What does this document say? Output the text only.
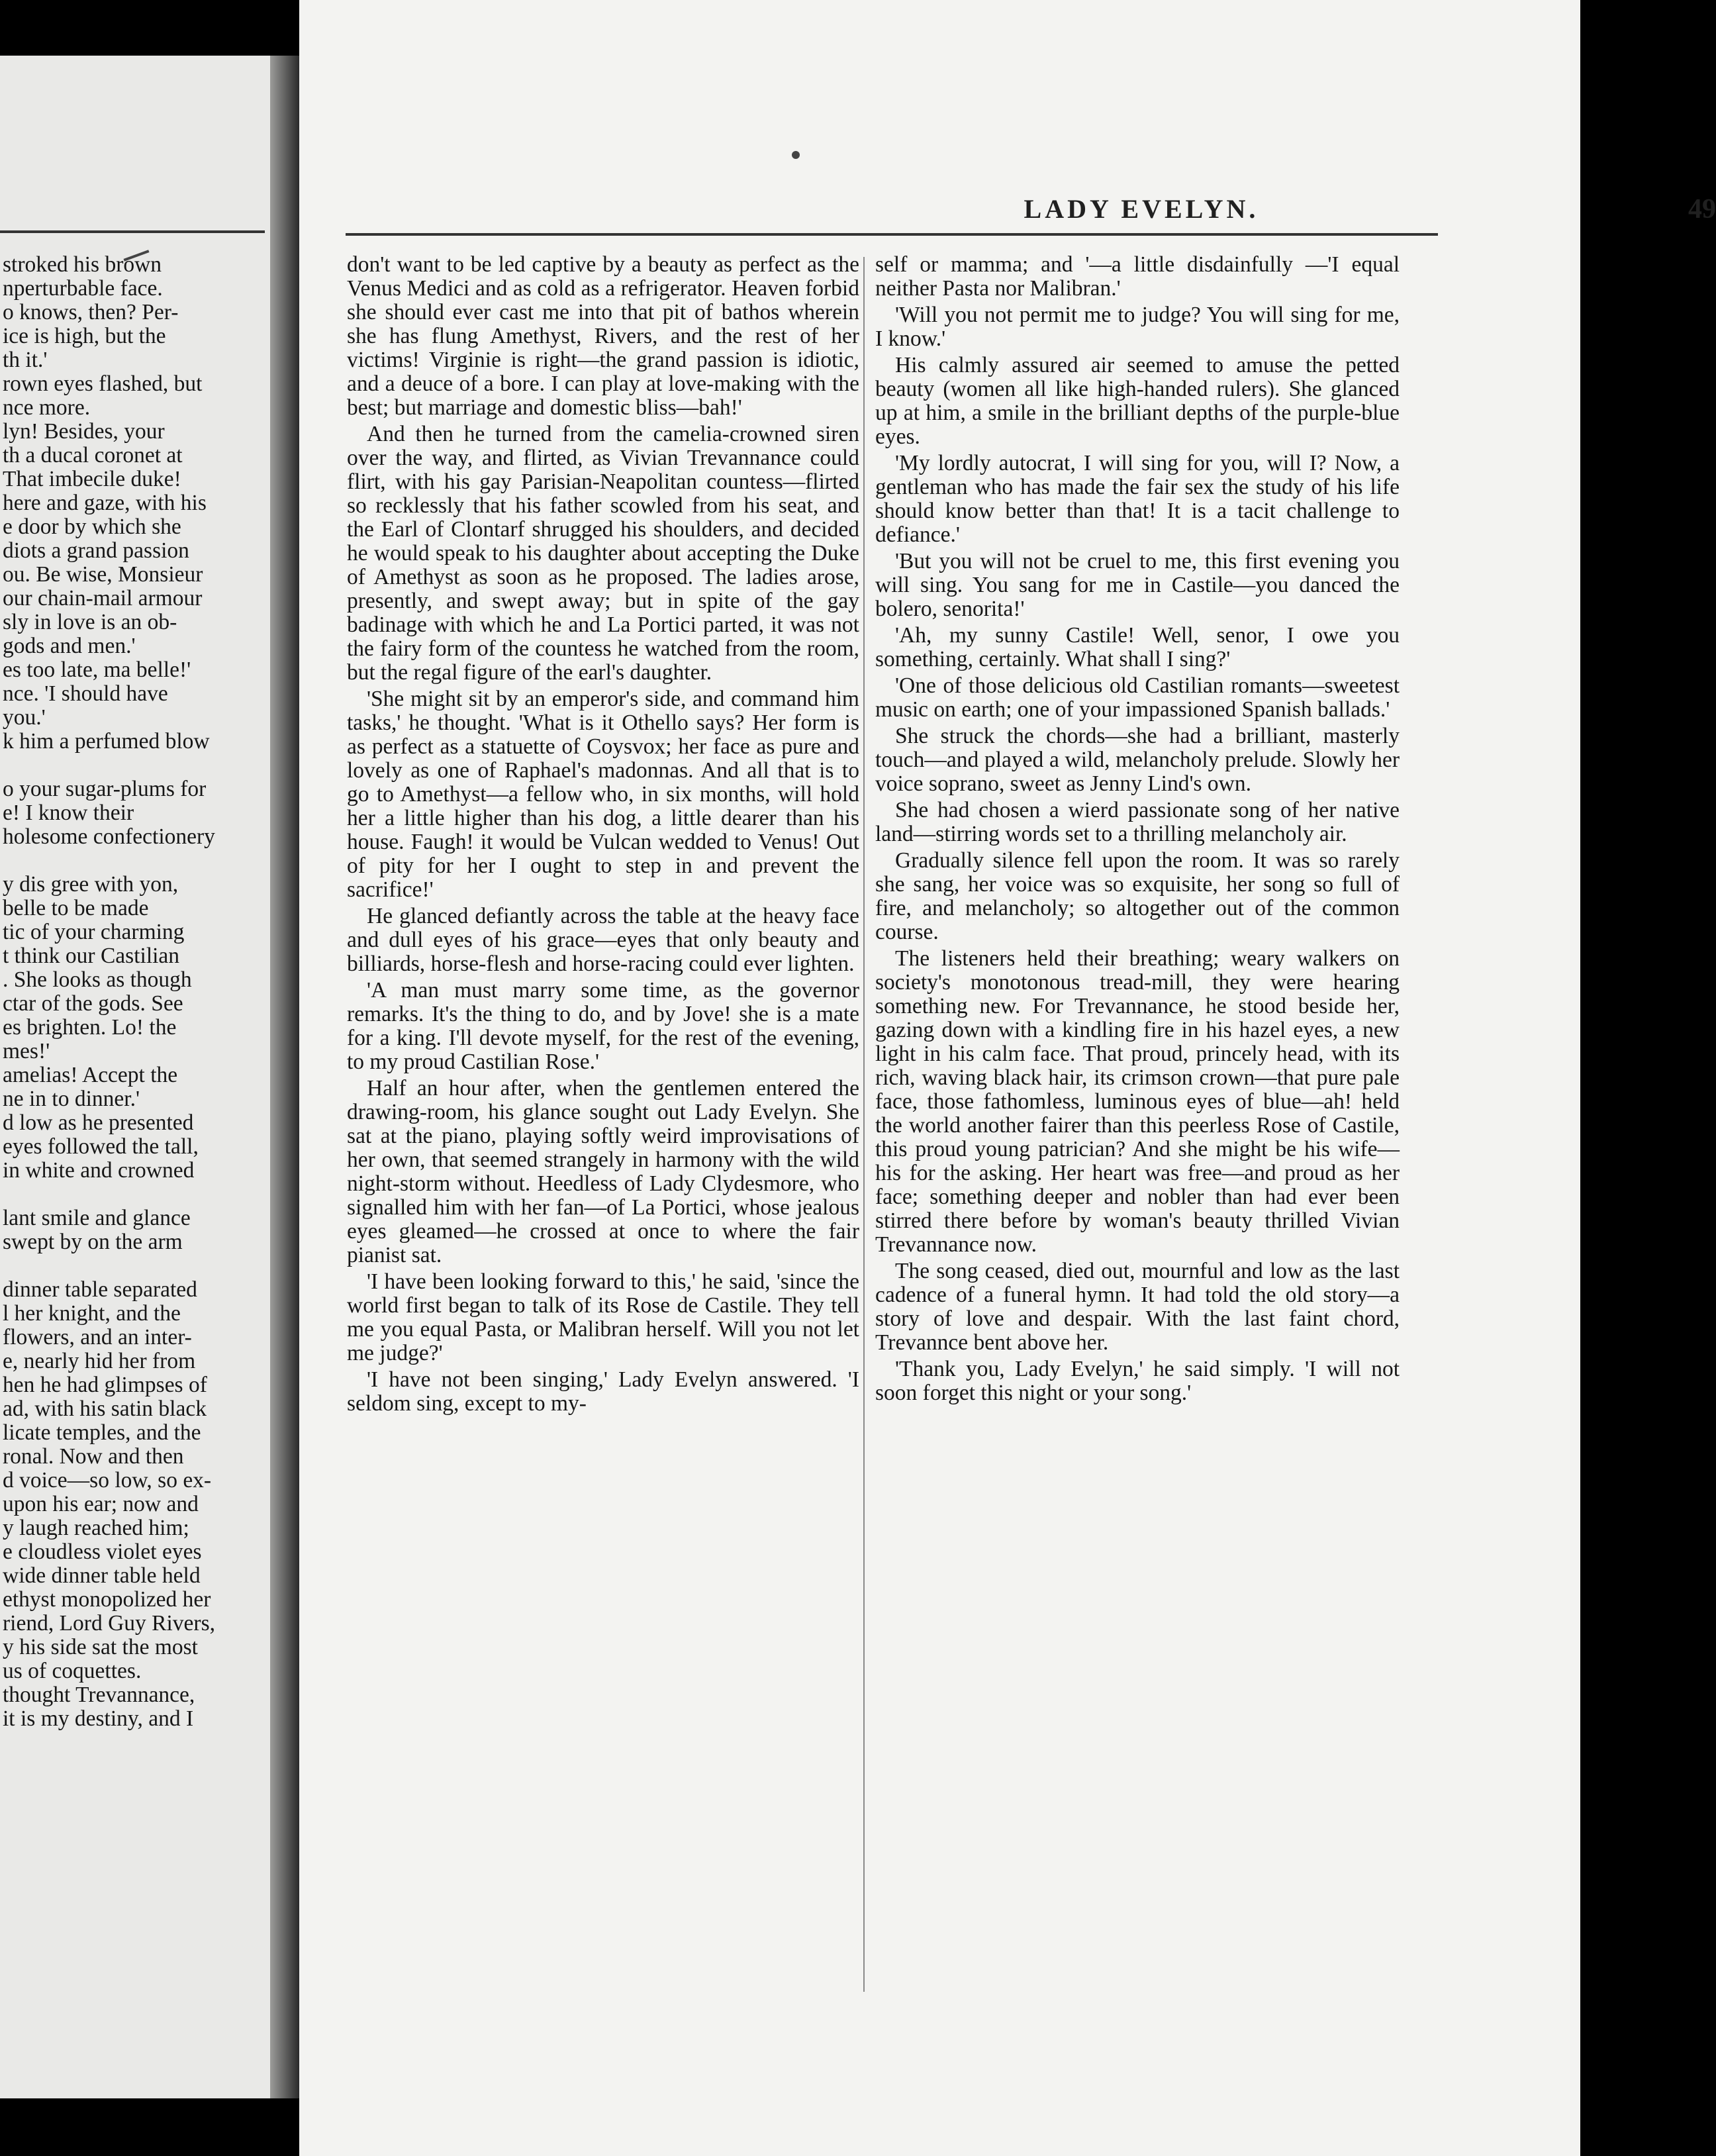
stroked his brown
nperturbable face.
o knows, then? Per-
ice is high, but the
th it.'
rown eyes flashed, but
nce more.
lyn! Besides, your
th a ducal coronet at
That imbecile duke!
here and gaze, with his
e door by which she
diots a grand passion
ou. Be wise, Monsieur
our chain-mail armour
sly in love is an ob-
gods and men.'
es too late, ma belle!'
nce. 'I should have
you.'
k him a perfumed blow

o your sugar-plums for
e! I know their
holesome confectionery

y dis gree with yon,
belle to be made
tic of your charming
t think our Castilian
. She looks as though
ctar of the gods. See
es brighten. Lo! the
mes!'
amelias! Accept the
ne in to dinner.'
d low as he presented
eyes followed the tall,
in white and crowned

lant smile and glance
swept by on the arm

dinner table separated
l her knight, and the
flowers, and an inter-
e, nearly hid her from
hen he had glimpses of
ad, with his satin black
licate temples, and the
ronal. Now and then
d voice—so low, so ex-
upon his ear; now and
y laugh reached him;
e cloudless violet eyes
wide dinner table held
ethyst monopolized her
riend, Lord Guy Rivers,
y his side sat the most
us of coquettes.
thought Trevannance,
it is my destiny, and I
LADY EVELYN.	49

don't want to be led captive by a beauty as perfect as the Venus Medici and as cold as a refrigerator. Heaven forbid she should ever cast me into that pit of bathos wherein she has flung Amethyst, Rivers, and the rest of her victims! Virginie is right—the grand passion is idiotic, and a deuce of a bore. I can play at love-making with the best; but marriage and domestic bliss—bah!'

And then he turned from the camelia-crowned siren over the way, and flirted, as Vivian Trevannance could flirt, with his gay Parisian-Neapolitan countess—flirted so recklessly that his father scowled from his seat, and the Earl of Clontarf shrugged his shoulders, and decided he would speak to his daughter about accepting the Duke of Amethyst as soon as he proposed. The ladies arose, presently, and swept away; but in spite of the gay badinage with which he and La Portici parted, it was not the fairy form of the countess he watched from the room, but the regal figure of the earl's daughter.

'She might sit by an emperor's side, and command him tasks,' he thought. 'What is it Othello says? Her form is as perfect as a statuette of Coysvox; her face as pure and lovely as one of Raphael's madonnas. And all that is to go to Amethyst—a fellow who, in six months, will hold her a little higher than his dog, a little dearer than his house. Faugh! it would be Vulcan wedded to Venus! Out of pity for her I ought to step in and prevent the sacrifice!'

He glanced defiantly across the table at the heavy face and dull eyes of his grace—eyes that only beauty and billiards, horse-flesh and horse-racing could ever lighten.

'A man must marry some time, as the governor remarks. It's the thing to do, and by Jove! she is a mate for a king. I'll devote myself, for the rest of the evening, to my proud Castilian Rose.'

Half an hour after, when the gentlemen entered the drawing-room, his glance sought out Lady Evelyn. She sat at the piano, playing softly weird improvisations of her own, that seemed strangely in harmony with the wild night-storm without. Heedless of Lady Clydesmore, who signalled him with her fan—of La Portici, whose jealous eyes gleamed—he crossed at once to where the fair pianist sat.

'I have been looking forward to this,' he said, 'since the world first began to talk of its Rose de Castile. They tell me you equal Pasta, or Malibran herself. Will you not let me judge?'

'I have not been singing,' Lady Evelyn answered. 'I seldom sing, except to my-

self or mamma; and '—a little disdainfully —'I equal neither Pasta nor Malibran.'

'Will you not permit me to judge? You will sing for me, I know.'

His calmly assured air seemed to amuse the petted beauty (women all like high-handed rulers). She glanced up at him, a smile in the brilliant depths of the purple-blue eyes.

'My lordly autocrat, I will sing for you, will I? Now, a gentleman who has made the fair sex the study of his life should know better than that! It is a tacit challenge to defiance.'

'But you will not be cruel to me, this first evening you will sing. You sang for me in Castile—you danced the bolero, senorita!'

'Ah, my sunny Castile! Well, senor, I owe you something, certainly. What shall I sing?'

'One of those delicious old Castilian romants—sweetest music on earth; one of your impassioned Spanish ballads.'

She struck the chords—she had a brilliant, masterly touch—and played a wild, melancholy prelude. Slowly her voice soprano, sweet as Jenny Lind's own.

She had chosen a wierd passionate song of her native land—stirring words set to a thrilling melancholy air.

Gradually silence fell upon the room. It was so rarely she sang, her voice was so exquisite, her song so full of fire, and melancholy; so altogether out of the common course.

The listeners held their breathing; weary walkers on society's monotonous tread-mill, they were hearing something new. For Trevannance, he stood beside her, gazing down with a kindling fire in his hazel eyes, a new light in his calm face. That proud, princely head, with its rich, waving black hair, its crimson crown—that pure pale face, those fathomless, luminous eyes of blue—ah! held the world another fairer than this peerless Rose of Castile, this proud young patrician? And she might be his wife—his for the asking. Her heart was free—and proud as her face; something deeper and nobler than had ever been stirred there before by woman's beauty thrilled Vivian Trevannance now.

The song ceased, died out, mournful and low as the last cadence of a funeral hymn. It had told the old story—a story of love and despair. With the last faint chord, Trevannce bent above her.

'Thank you, Lady Evelyn,' he said simply. 'I will not soon forget this night or your song.'
